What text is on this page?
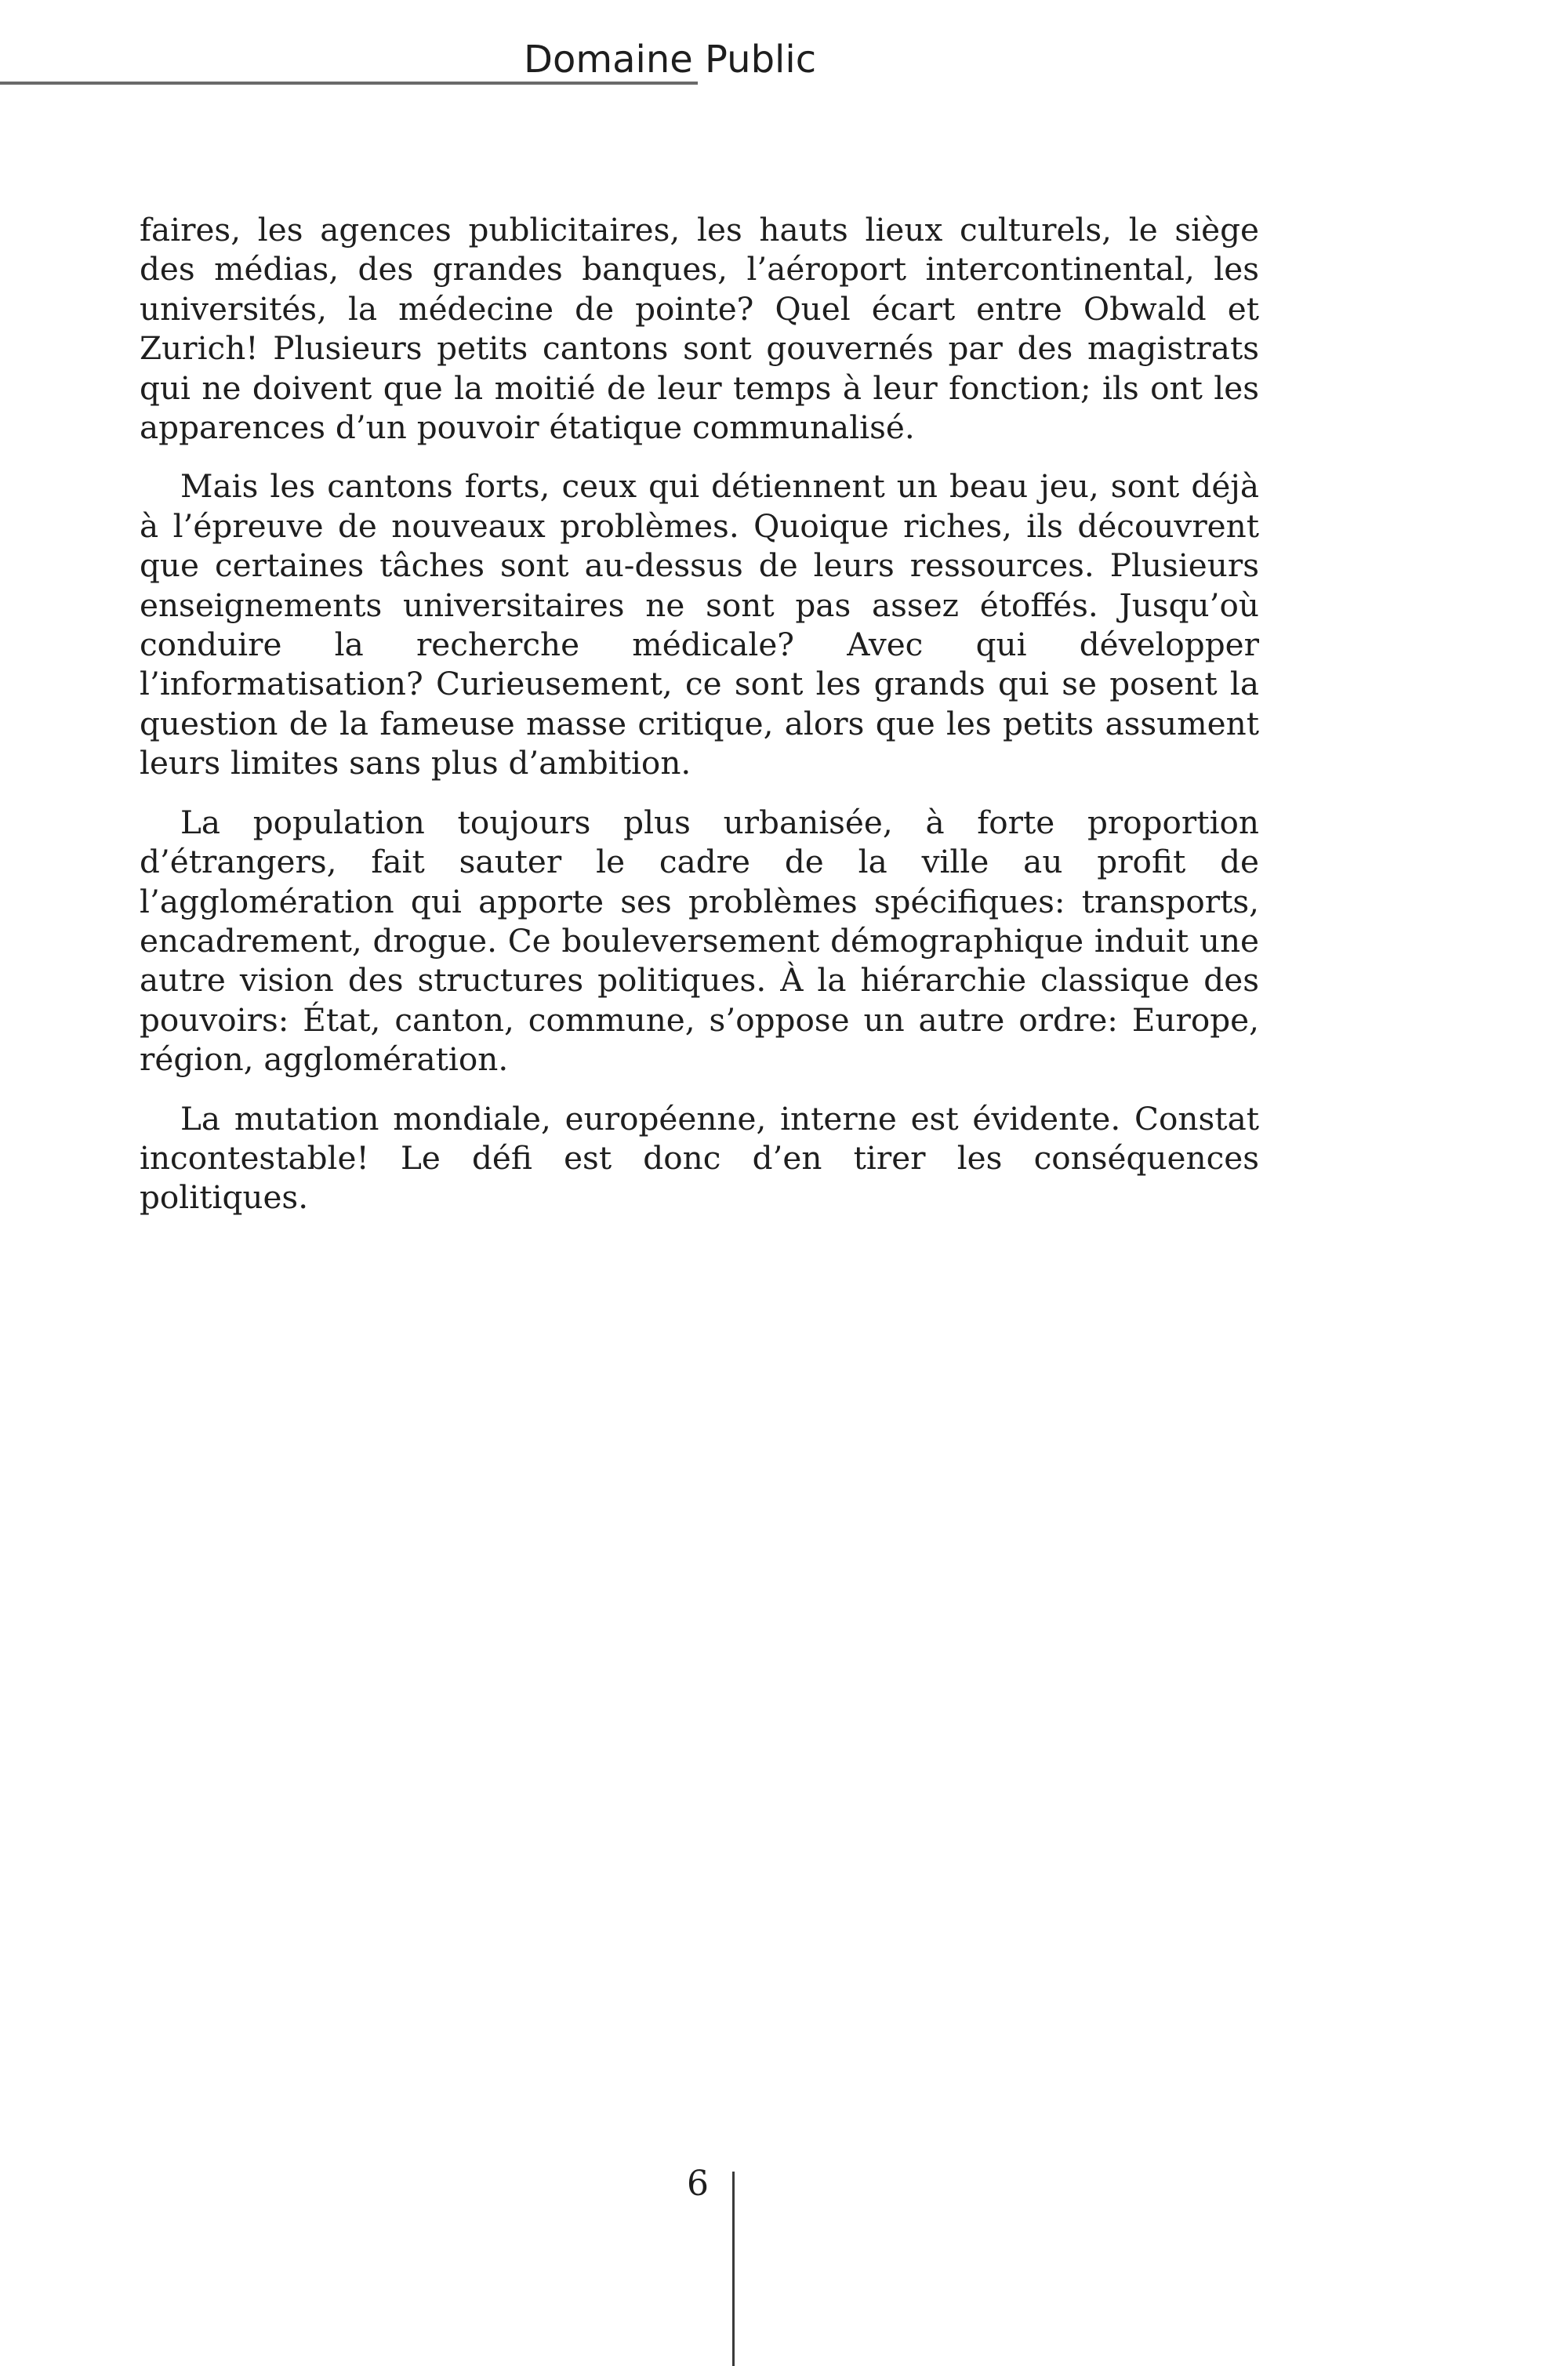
Domaine Public

faires, les agences publicitaires, les hauts lieux culturels, le siège des médias, des grandes banques, l’aéroport intercontinental, les universités, la médecine de pointe? Quel écart entre Obwald et Zurich! Plusieurs petits cantons sont gouvernés par des magistrats qui ne doivent que la moitié de leur temps à leur fonction; ils ont les apparences d’un pouvoir étatique communalisé.

Mais les cantons forts, ceux qui détiennent un beau jeu, sont déjà à l’épreuve de nouveaux problèmes. Quoique riches, ils découvrent que certaines tâches sont au-dessus de leurs ressources. Plusieurs enseignements universitaires ne sont pas assez étoffés. Jusqu’où conduire la recherche médicale? Avec qui développer l’informatisation? Curieusement, ce sont les grands qui se posent la question de la fameuse masse critique, alors que les petits assument leurs limites sans plus d’ambition.

La population toujours plus urbanisée, à forte proportion d’étrangers, fait sauter le cadre de la ville au profit de l’agglomération qui apporte ses problèmes spécifiques: transports, encadrement, drogue. Ce bouleversement démographique induit une autre vision des structures politiques. À la hiérarchie classique des pouvoirs: État, canton, commune, s’oppose un autre ordre: Europe, région, agglomération.

La mutation mondiale, européenne, interne est évidente. Constat incontestable! Le défi est donc d’en tirer les conséquences politiques.

6
